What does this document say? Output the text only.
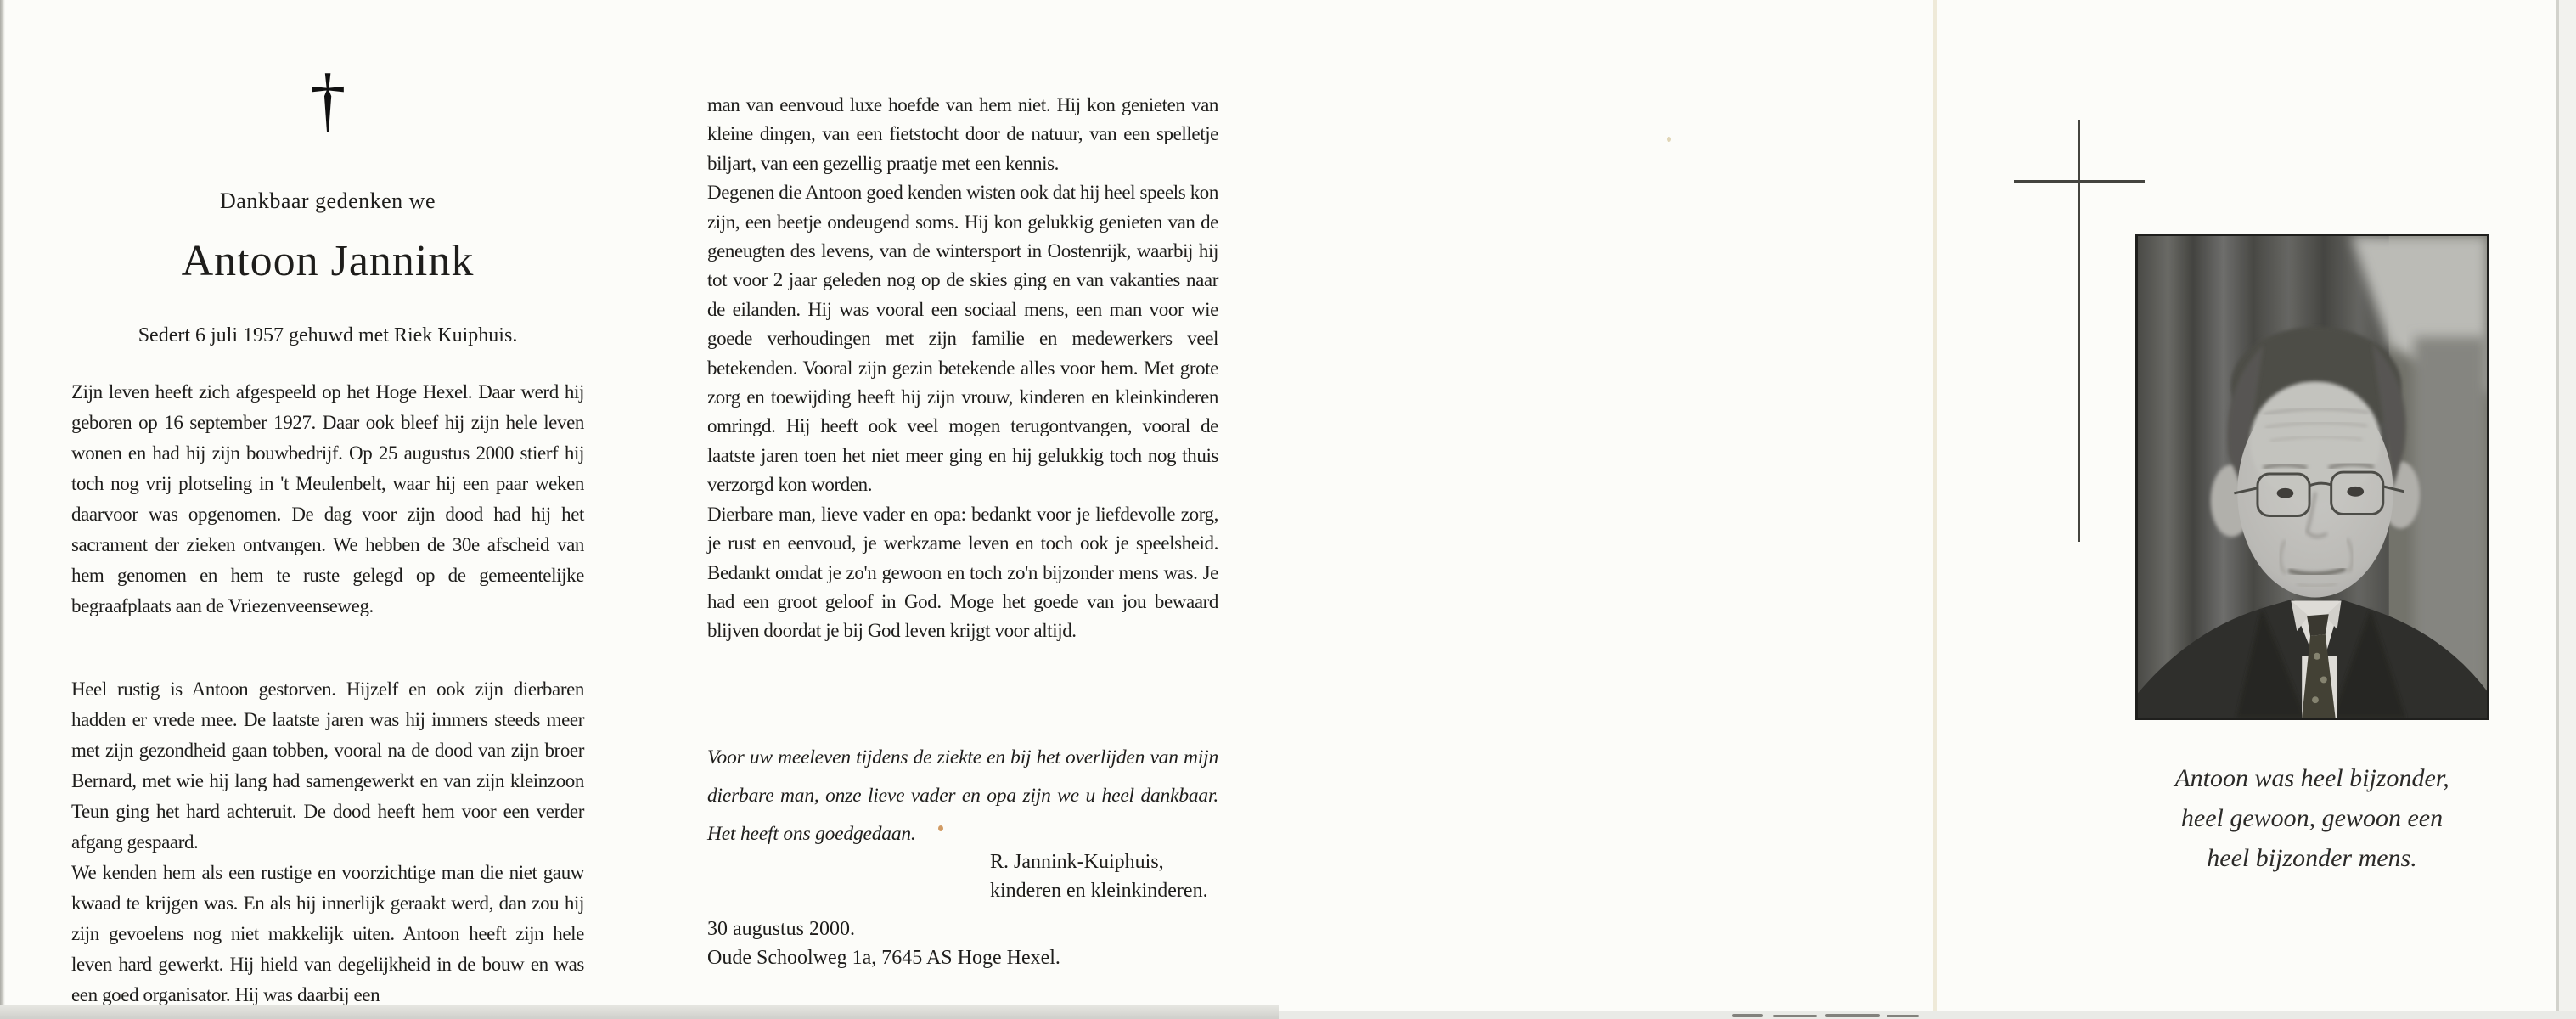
†
Dankbaar gedenken we
Antoon Jannink
Sedert 6 juli 1957 gehuwd met Riek Kuiphuis.

Zijn leven heeft zich afgespeeld op het Hoge Hexel. Daar werd hij geboren op 16 september 1927. Daar ook bleef hij zijn hele leven wonen en had hij zijn bouwbedrijf. Op 25 augustus 2000 stierf hij toch nog vrij plotseling in 't Meulenbelt, waar hij een paar weken daarvoor was opgenomen. De dag voor zijn dood had hij het sacrament der zieken ontvangen. We hebben de 30e afscheid van hem genomen en hem te ruste gelegd op de gemeentelijke begraafplaats aan de Vriezenveenseweg.

Heel rustig is Antoon gestorven. Hijzelf en ook zijn dierbaren hadden er vrede mee. De laatste jaren was hij immers steeds meer met zijn gezondheid gaan tobben, vooral na de dood van zijn broer Bernard, met wie hij lang had samengewerkt en van zijn kleinzoon Teun ging het hard achteruit. De dood heeft hem voor een verder afgang gespaard.

We kenden hem als een rustige en voorzichtige man die niet gauw kwaad te krijgen was. En als hij innerlijk geraakt werd, dan zou hij zijn gevoelens nog niet makkelijk uiten. Antoon heeft zijn hele leven hard gewerkt. Hij hield van degelijkheid in de bouw en was een goed organisator. Hij was daarbij een

man van eenvoud luxe hoefde van hem niet. Hij kon genieten van kleine dingen, van een fietstocht door de natuur, van een spelletje biljart, van een gezellig praatje met een kennis.

Degenen die Antoon goed kenden wisten ook dat hij heel speels kon zijn, een beetje ondeugend soms. Hij kon gelukkig genieten van de geneugten des levens, van de wintersport in Oostenrijk, waarbij hij tot voor 2 jaar geleden nog op de skies ging en van vakanties naar de eilanden. Hij was vooral een sociaal mens, een man voor wie goede verhoudingen met zijn familie en medewerkers veel betekenden. Vooral zijn gezin betekende alles voor hem. Met grote zorg en toewijding heeft hij zijn vrouw, kinderen en kleinkinderen omringd. Hij heeft ook veel mogen terugontvangen, vooral de laatste jaren toen het niet meer ging en hij gelukkig toch nog thuis verzorgd kon worden.

Dierbare man, lieve vader en opa: bedankt voor je liefdevolle zorg, je rust en eenvoud, je werkzame leven en toch ook je speelsheid. Bedankt omdat je zo'n gewoon en toch zo'n bijzonder mens was. Je had een groot geloof in God. Moge het goede van jou bewaard blijven doordat je bij God leven krijgt voor altijd.

Voor uw meeleven tijdens de ziekte en bij het overlijden van mijn dierbare man, onze lieve vader en opa zijn we u heel dankbaar. Het heeft ons goedgedaan.
R. Jannink-Kuiphuis,
kinderen en kleinkinderen.
30 augustus 2000.
Oude Schoolweg 1a, 7645 AS Hoge Hexel.
Antoon was heel bijzonder,
heel gewoon, gewoon een
heel bijzonder mens.
